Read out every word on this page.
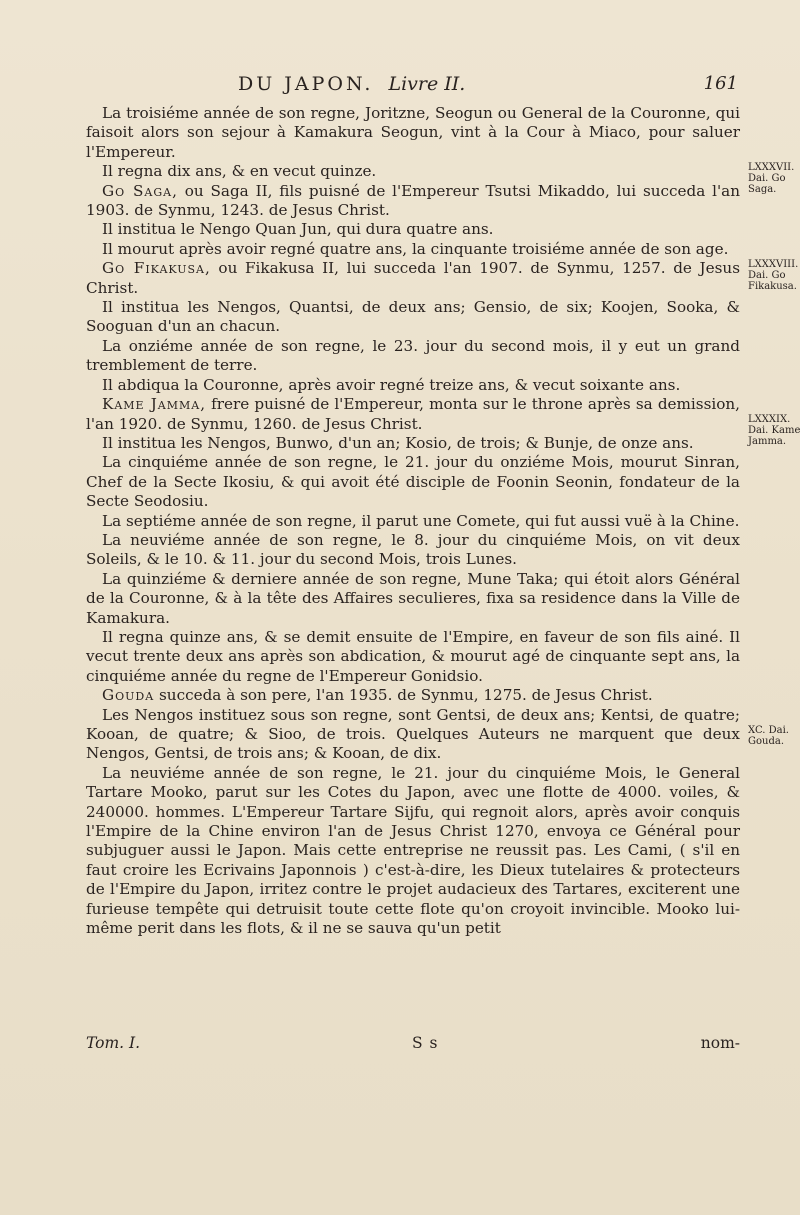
DU JAPON. Livre II.	161

La troisiéme année de son regne, Joritzne, Seogun ou General de la Couronne, qui faisoit alors son sejour à Kamakura Seogun, vint à la Cour à Miaco, pour saluer l'Empereur.

Il regna dix ans, & en vecut quinze.

Go Saga, ou Saga II, fils puisné de l'Empereur Tsutsi Mikaddo, lui succeda l'an 1903. de Synmu, 1243. de Jesus Christ.

Il institua le Nengo Quan Jun, qui dura quatre ans.

Il mourut après avoir regné quatre ans, la cinquante troisiéme année de son age.

Go Fikakusa, ou Fikakusa II, lui succeda l'an 1907. de Synmu, 1257. de Jesus Christ.

Il institua les Nengos, Quantsi, de deux ans; Gensio, de six; Koojen, Sooka, & Sooguan d'un an chacun.

La onziéme année de son regne, le 23. jour du second mois, il y eut un grand tremblement de terre.

Il abdiqua la Couronne, après avoir regné treize ans, & vecut soixante ans.

Kame Jamma, frere puisné de l'Empereur, monta sur le throne après sa demission, l'an 1920. de Synmu, 1260. de Jesus Christ.

Il institua les Nengos, Bunwo, d'un an; Kosio, de trois; & Bunje, de onze ans.

La cinquiéme année de son regne, le 21. jour du onziéme Mois, mourut Sinran, Chef de la Secte Ikosiu, & qui avoit été disciple de Foonin Seonin, fondateur de la Secte Seodosiu.

La septiéme année de son regne, il parut une Comete, qui fut aussi vuë à la Chine.

La neuviéme année de son regne, le 8. jour du cinquiéme Mois, on vit deux Soleils, & le 10. & 11. jour du second Mois, trois Lunes.

La quinziéme & derniere année de son regne, Mune Taka; qui étoit alors Général de la Couronne, & à la tête des Affaires seculieres, fixa sa residence dans la Ville de Kamakura.

Il regna quinze ans, & se demit ensuite de l'Empire, en faveur de son fils ainé. Il vecut trente deux ans après son abdication, & mourut agé de cinquante sept ans, la cinquiéme année du regne de l'Empereur Gonidsio.

Gouda succeda à son pere, l'an 1935. de Synmu, 1275. de Jesus Christ.

Les Nengos instituez sous son regne, sont Gentsi, de deux ans; Kentsi, de quatre; Kooan, de quatre; & Sioo, de trois. Quelques Auteurs ne marquent que deux Nengos, Gentsi, de trois ans; & Kooan, de dix.

La neuviéme année de son regne, le 21. jour du cinquiéme Mois, le General Tartare Mooko, parut sur les Cotes du Japon, avec une flotte de 4000. voiles, & 240000. hommes. L'Empereur Tartare Sijfu, qui regnoit alors, après avoir conquis l'Empire de la Chine environ l'an de Jesus Christ 1270, envoya ce Général pour subjuguer aussi le Japon. Mais cette entreprise ne reussit pas. Les Cami, ( s'il en faut croire les Ecrivains Japonnois ) c'est-à-dire, les Dieux tutelaires & protecteurs de l'Empire du Japon, irritez contre le projet audacieux des Tartares, exciterent une furieuse tempête qui detruisit toute cette flote qu'on croyoit invincible. Mooko lui-même perit dans les flots, & il ne se sauva qu'un petit

LXXXVII.
Dai. Go
Saga.
LXXXVIII.
Dai. Go
Fikakusa.
LXXXIX.
Dai. Kame
Jamma.
XC. Dai.
Gouda.
Tom. I.	S s	nom-
